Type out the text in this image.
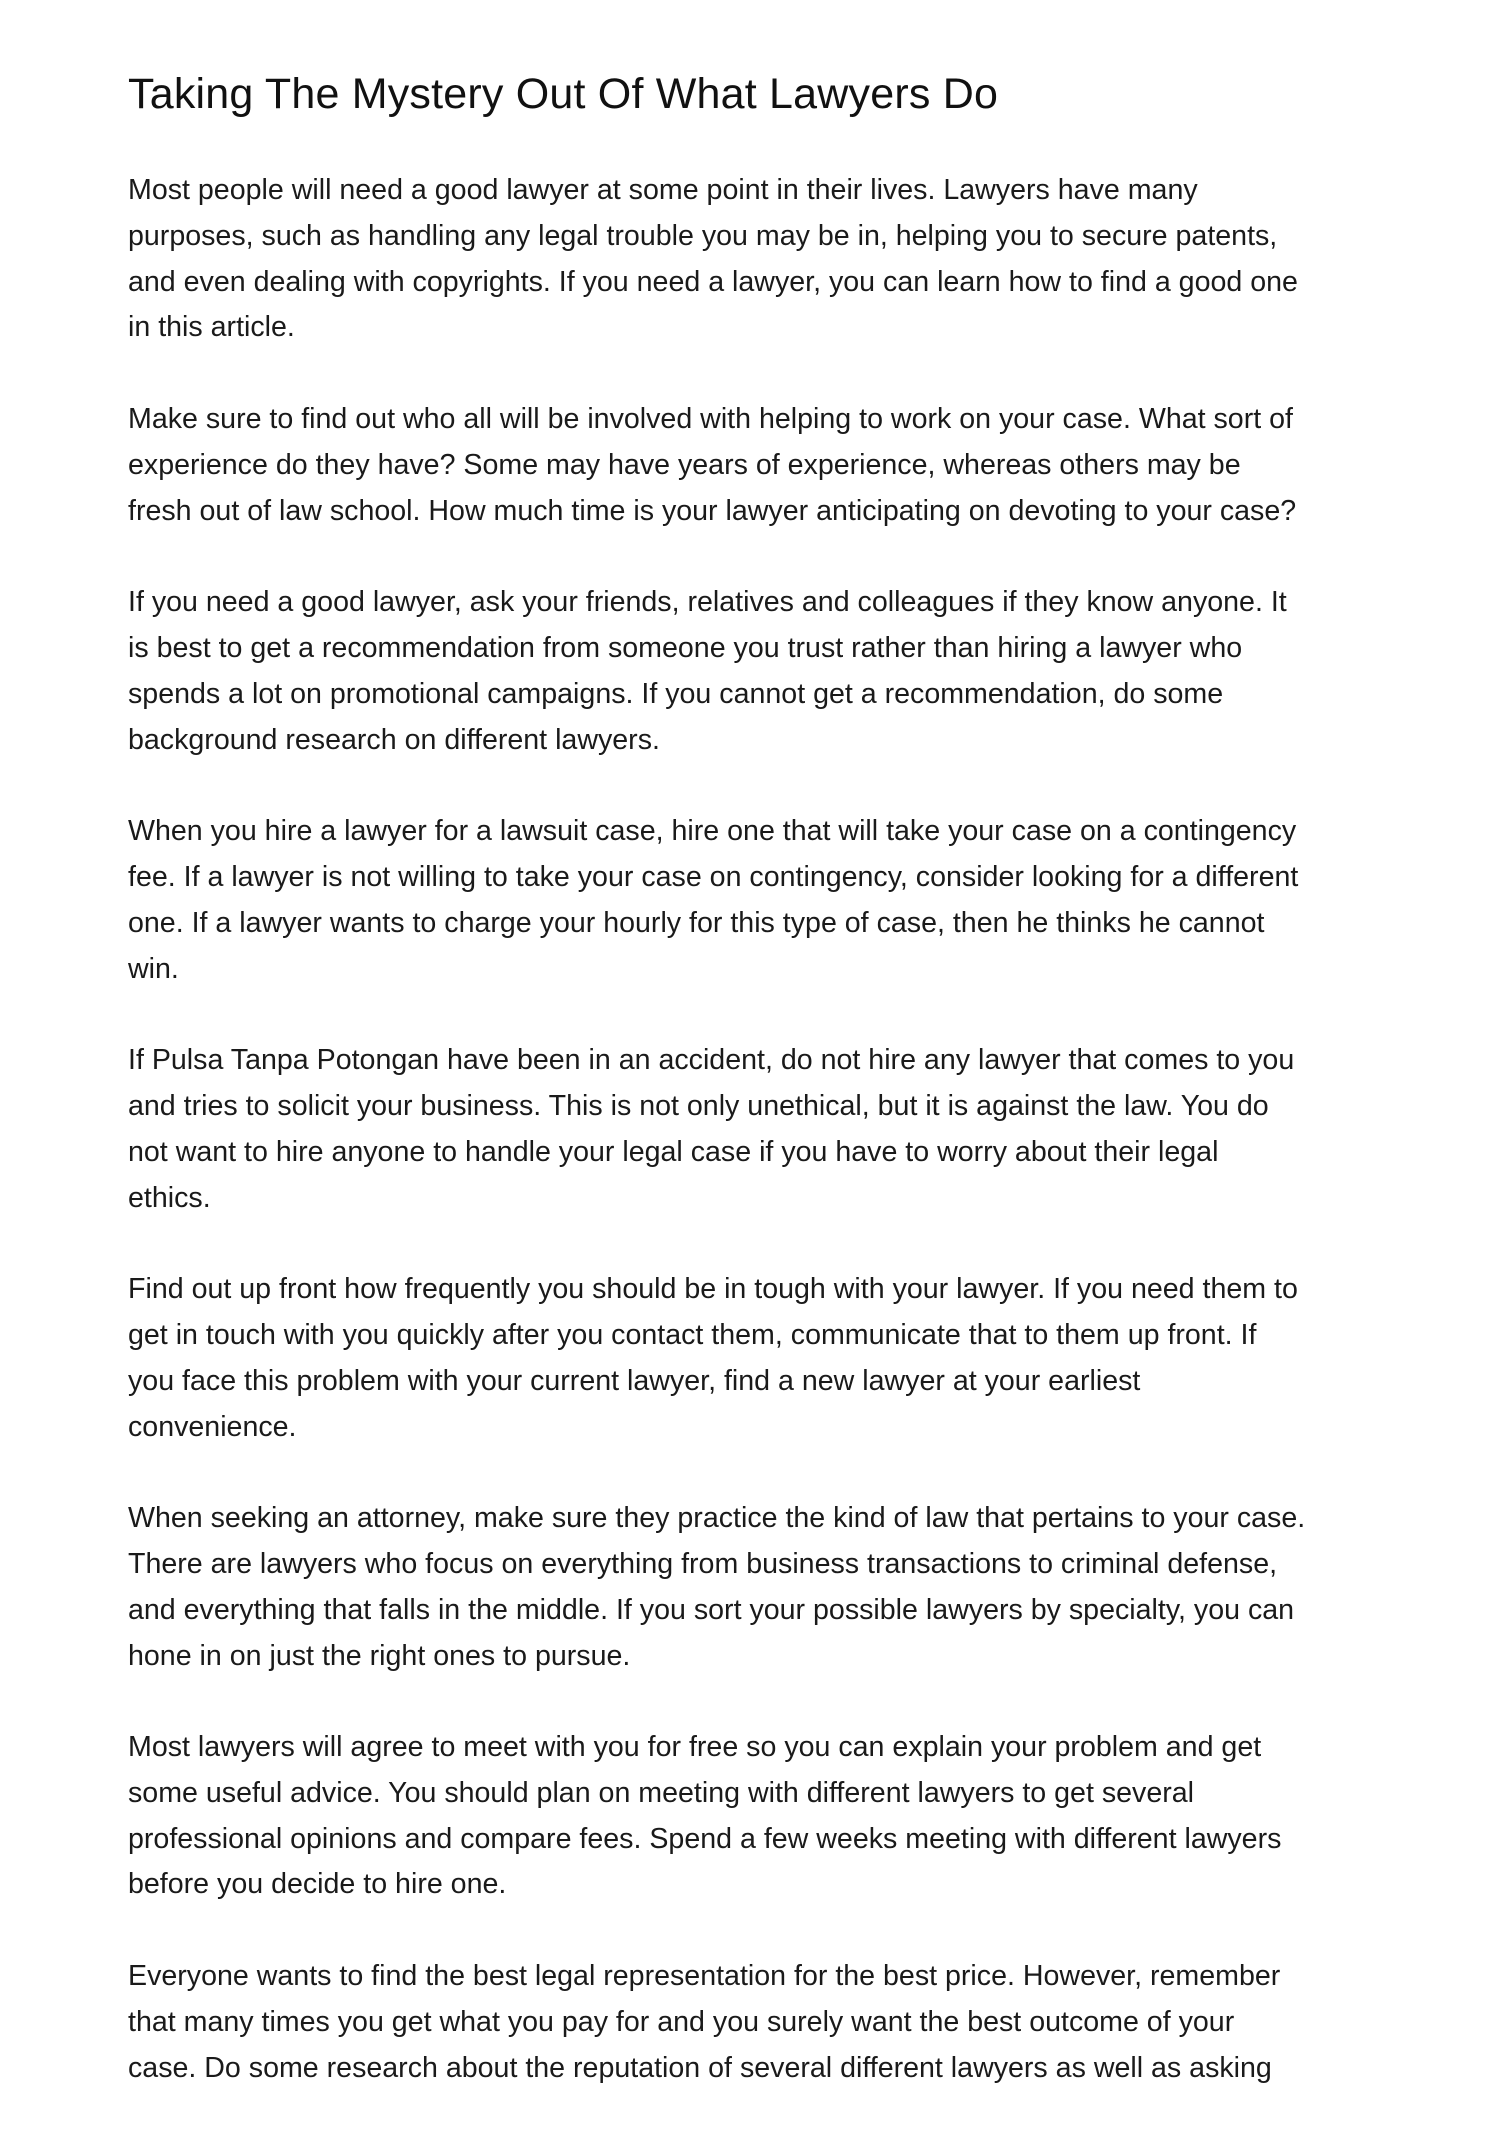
Taking The Mystery Out Of What Lawyers Do

Most people will need a good lawyer at some point in their lives. Lawyers have many
purposes, such as handling any legal trouble you may be in, helping you to secure patents,
and even dealing with copyrights. If you need a lawyer, you can learn how to find a good one
in this article.

Make sure to find out who all will be involved with helping to work on your case. What sort of
experience do they have? Some may have years of experience, whereas others may be
fresh out of law school. How much time is your lawyer anticipating on devoting to your case?

If you need a good lawyer, ask your friends, relatives and colleagues if they know anyone. It
is best to get a recommendation from someone you trust rather than hiring a lawyer who
spends a lot on promotional campaigns. If you cannot get a recommendation, do some
background research on different lawyers.

When you hire a lawyer for a lawsuit case, hire one that will take your case on a contingency
fee. If a lawyer is not willing to take your case on contingency, consider looking for a different
one. If a lawyer wants to charge your hourly for this type of case, then he thinks he cannot
win.

If Pulsa Tanpa Potongan have been in an accident, do not hire any lawyer that comes to you
and tries to solicit your business. This is not only unethical, but it is against the law. You do
not want to hire anyone to handle your legal case if you have to worry about their legal
ethics.

Find out up front how frequently you should be in tough with your lawyer. If you need them to
get in touch with you quickly after you contact them, communicate that to them up front. If
you face this problem with your current lawyer, find a new lawyer at your earliest
convenience.

When seeking an attorney, make sure they practice the kind of law that pertains to your case.
There are lawyers who focus on everything from business transactions to criminal defense,
and everything that falls in the middle. If you sort your possible lawyers by specialty, you can
hone in on just the right ones to pursue.

Most lawyers will agree to meet with you for free so you can explain your problem and get
some useful advice. You should plan on meeting with different lawyers to get several
professional opinions and compare fees. Spend a few weeks meeting with different lawyers
before you decide to hire one.

Everyone wants to find the best legal representation for the best price. However, remember
that many times you get what you pay for and you surely want the best outcome of your
case. Do some research about the reputation of several different lawyers as well as asking
